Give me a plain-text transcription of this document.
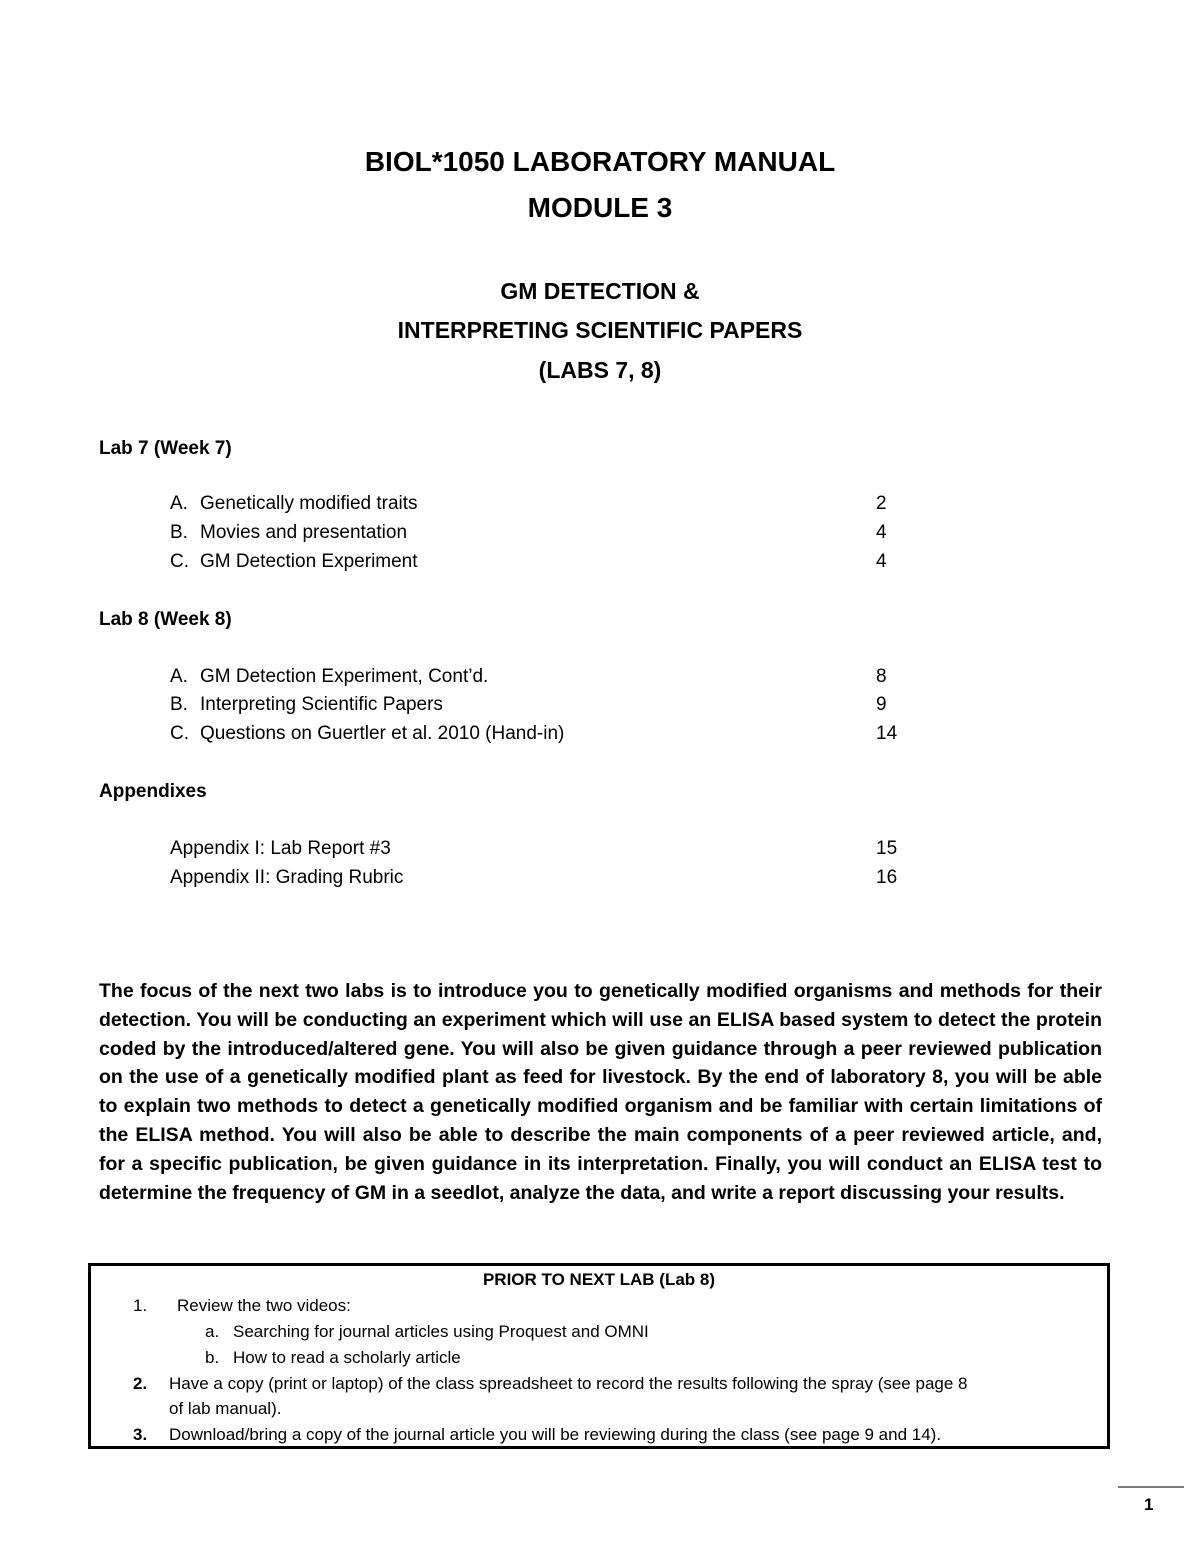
BIOL*1050 LABORATORY MANUAL
MODULE 3
GM DETECTION &
INTERPRETING SCIENTIFIC PAPERS
(LABS 7, 8)
Lab 7 (Week 7)
A. Genetically modified traits	2
B. Movies and presentation	4
C. GM Detection Experiment	4
Lab 8 (Week 8)
A. GM Detection Experiment, Cont’d.	8
B. Interpreting Scientific Papers	9
C. Questions on Guertler et al. 2010 (Hand-in)	14
Appendixes
Appendix I: Lab Report #3	15
Appendix II: Grading Rubric	16
The focus of the next two labs is to introduce you to genetically modified organisms and methods for their detection. You will be conducting an experiment which will use an ELISA based system to detect the protein coded by the introduced/altered gene. You will also be given guidance through a peer reviewed publication on the use of a genetically modified plant as feed for livestock. By the end of laboratory 8, you will be able to explain two methods to detect a genetically modified organism and be familiar with certain limitations of the ELISA method. You will also be able to describe the main components of a peer reviewed article, and, for a specific publication, be given guidance in its interpretation. Finally, you will conduct an ELISA test to determine the frequency of GM in a seedlot, analyze the data, and write a report discussing your results.
PRIOR TO NEXT LAB (Lab 8)
1. Review the two videos:
a. Searching for journal articles using Proquest and OMNI
b. How to read a scholarly article
2. Have a copy (print or laptop) of the class spreadsheet to record the results following the spray (see page 8
of lab manual).
3. Download/bring a copy of the journal article you will be reviewing during the class (see page 9 and 14).
1
